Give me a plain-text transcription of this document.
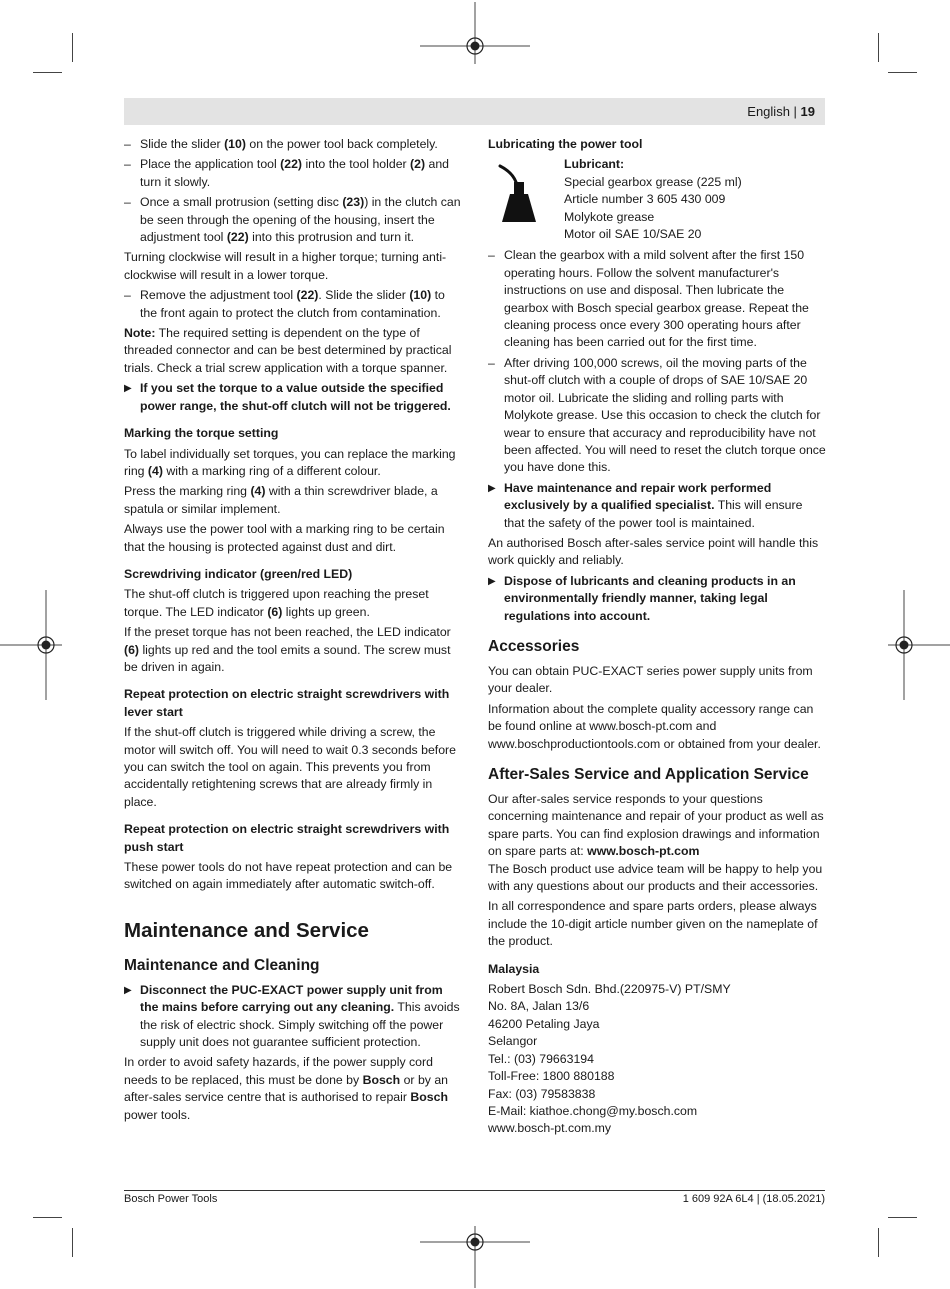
English | 19
– Slide the slider (10) on the power tool back completely.
– Place the application tool (22) into the tool holder (2) and turn it slowly.
– Once a small protrusion (setting disc (23)) in the clutch can be seen through the opening of the housing, insert the adjustment tool (22) into this protrusion and turn it.

Turning clockwise will result in a higher torque; turning anti-clockwise will result in a lower torque.

– Remove the adjustment tool (22). Slide the slider (10) to the front again to protect the clutch from contamination.

Note: The required setting is dependent on the type of threaded connector and can be best determined by practical trials. Check a trial screw application with a torque spanner.

▶ If you set the torque to a value outside the specified power range, the shut-off clutch will not be triggered.
Marking the torque setting

To label individually set torques, you can replace the marking ring (4) with a marking ring of a different colour.

Press the marking ring (4) with a thin screwdriver blade, a spatula or similar implement.

Always use the power tool with a marking ring to be certain that the housing is protected against dust and dirt.

Screwdriving indicator (green/red LED)

The shut-off clutch is triggered upon reaching the preset torque. The LED indicator (6) lights up green.

If the preset torque has not been reached, the LED indicator (6) lights up red and the tool emits a sound. The screw must be driven in again.

Repeat protection on electric straight screwdrivers with lever start

If the shut-off clutch is triggered while driving a screw, the motor will switch off. You will need to wait 0.3 seconds before you can switch the tool on again. This prevents you from accidentally retightening screws that are already firmly in place.

Repeat protection on electric straight screwdrivers with push start

These power tools do not have repeat protection and can be switched on again immediately after automatic switch-off.

Maintenance and Service
Maintenance and Cleaning
▶ Disconnect the PUC-EXACT power supply unit from the mains before carrying out any cleaning. This avoids the risk of electric shock. Simply switching off the power supply unit does not guarantee sufficient protection.

In order to avoid safety hazards, if the power supply cord needs to be replaced, this must be done by Bosch or by an after-sales service centre that is authorised to repair Bosch power tools.

Lubricating the power tool
Lubricant:
Special gearbox grease (225 ml)
Article number 3 605 430 009
Molykote grease
Motor oil SAE 10/SAE 20
– Clean the gearbox with a mild solvent after the first 150 operating hours. Follow the solvent manufacturer's instructions on use and disposal. Then lubricate the gearbox with Bosch special gearbox grease. Repeat the cleaning process once every 300 operating hours after cleaning has been carried out for the first time.
– After driving 100,000 screws, oil the moving parts of the shut-off clutch with a couple of drops of SAE 10/SAE 20 motor oil. Lubricate the sliding and rolling parts with Molykote grease. Use this occasion to check the clutch for wear to ensure that accuracy and reproducibility have not been affected. You will need to reset the clutch torque once you have done this.
▶ Have maintenance and repair work performed exclusively by a qualified specialist. This will ensure that the safety of the power tool is maintained.

An authorised Bosch after-sales service point will handle this work quickly and reliably.

▶ Dispose of lubricants and cleaning products in an environmentally friendly manner, taking legal regulations into account.
Accessories

You can obtain PUC-EXACT series power supply units from your dealer.

Information about the complete quality accessory range can be found online at www.bosch-pt.com and www.boschproductiontools.com or obtained from your dealer.

After-Sales Service and Application Service

Our after-sales service responds to your questions concerning maintenance and repair of your product as well as spare parts. You can find explosion drawings and information on spare parts at: www.bosch-pt.com

The Bosch product use advice team will be happy to help you with any questions about our products and their accessories.

In all correspondence and spare parts orders, please always include the 10-digit article number given on the nameplate of the product.

Malaysia
Robert Bosch Sdn. Bhd.(220975-V) PT/SMY
No. 8A, Jalan 13/6
46200 Petaling Jaya
Selangor
Tel.: (03) 79663194
Toll-Free: 1800 880188
Fax: (03) 79583838
E-Mail: kiathoe.chong@my.bosch.com
www.bosch-pt.com.my
Bosch Power Tools	1 609 92A 6L4 | (18.05.2021)
